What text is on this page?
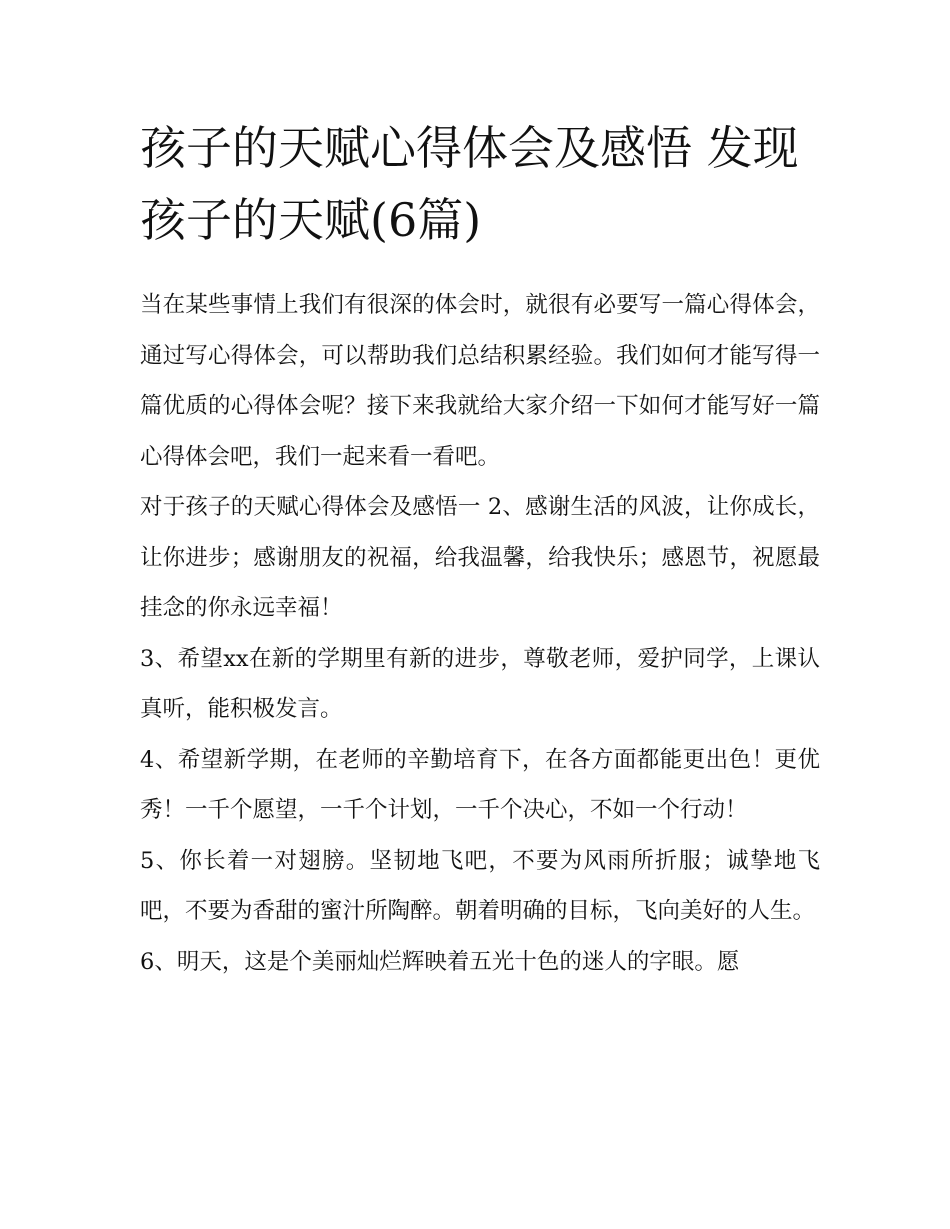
孩子的天赋心得体会及感悟 发现孩子的天赋(6篇)

当在某些事情上我们有很深的体会时，就很有必要写一篇心得体会，通过写心得体会，可以帮助我们总结积累经验。我们如何才能写得一篇优质的心得体会呢？接下来我就给大家介绍一下如何才能写好一篇心得体会吧，我们一起来看一看吧。

对于孩子的天赋心得体会及感悟一 2、感谢生活的风波，让你成长，让你进步；感谢朋友的祝福，给我温馨，给我快乐；感恩节，祝愿最挂念的你永远幸福！

3、希望xx在新的学期里有新的进步，尊敬老师，爱护同学，上课认真听，能积极发言。

4、希望新学期，在老师的辛勤培育下，在各方面都能更出色！更优秀！一千个愿望，一千个计划，一千个决心，不如一个行动！

5、你长着一对翅膀。坚韧地飞吧，不要为风雨所折服；诚挚地飞吧，不要为香甜的蜜汁所陶醉。朝着明确的目标，飞向美好的人生。

6、明天，这是个美丽灿烂辉映着五光十色的迷人的字眼。愿
